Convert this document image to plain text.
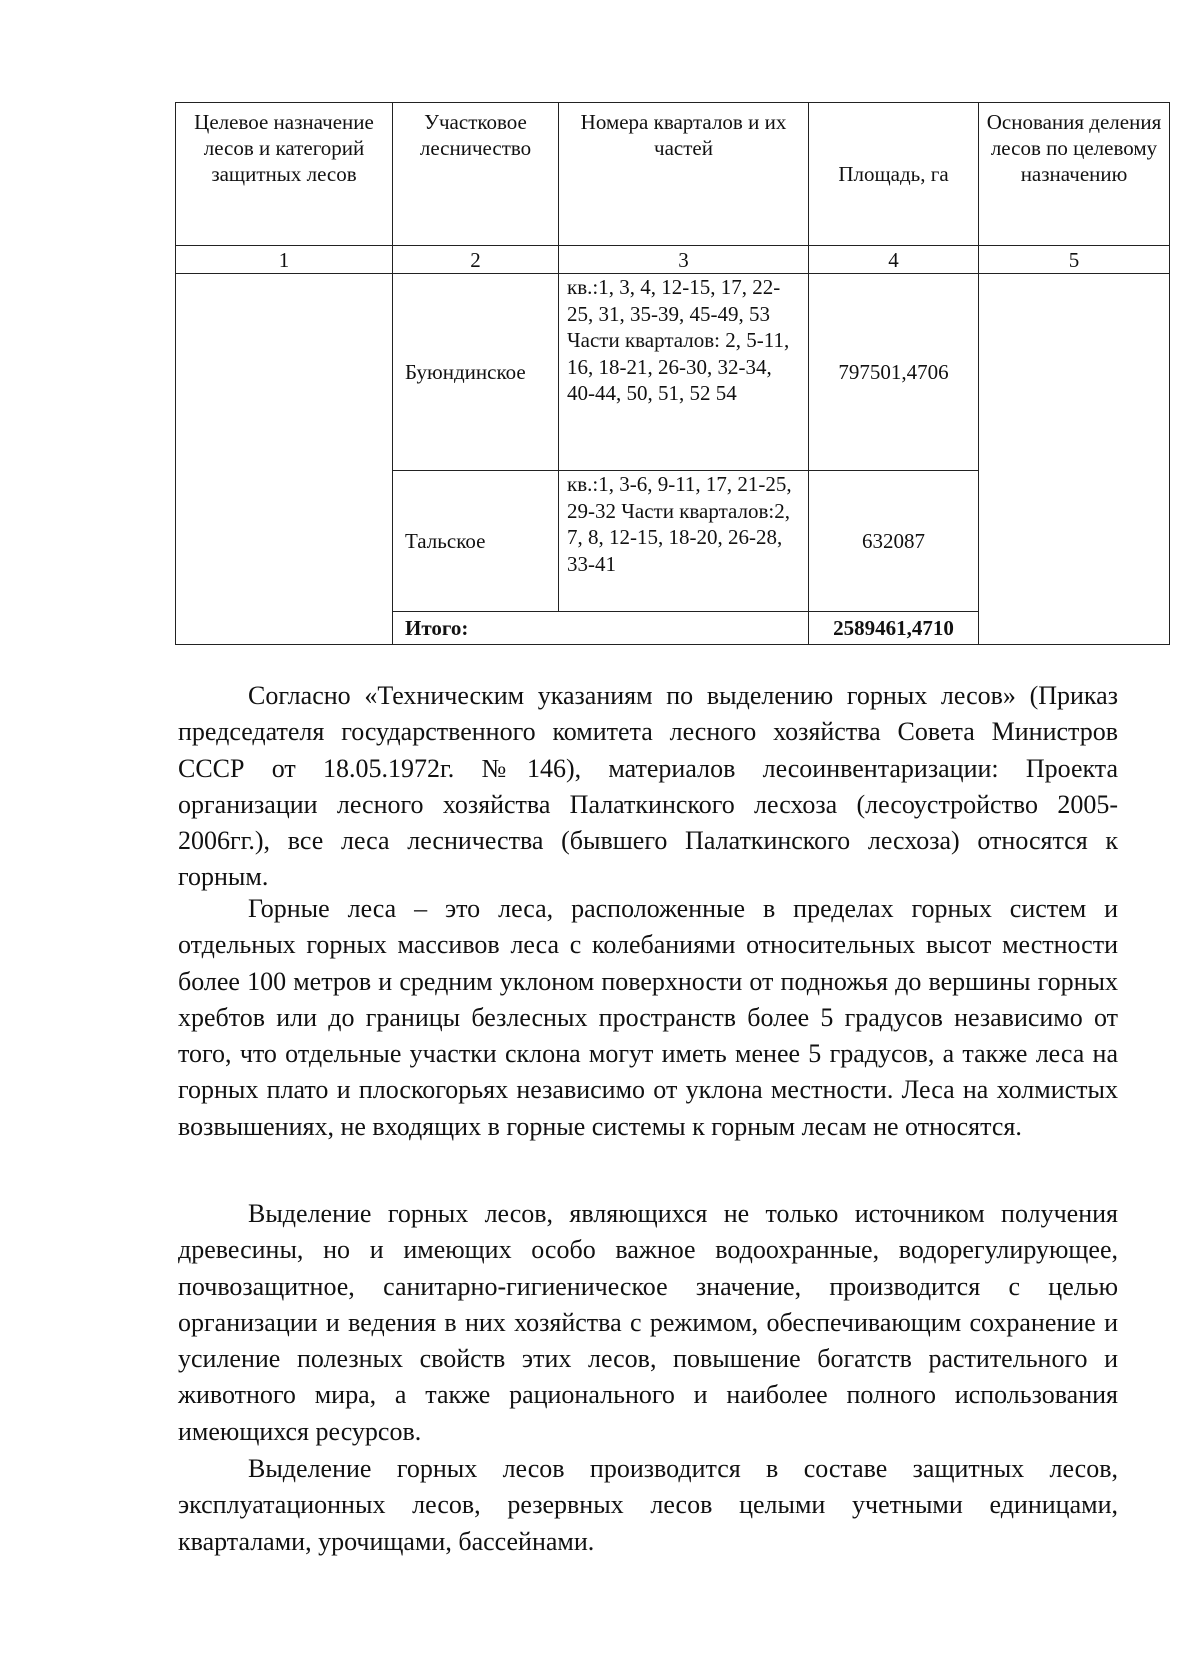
Целевое назначение лесов и категорий защитных лесов	Участковое лесничество	Номера кварталов и их частей	Площадь, га	Основания деления лесов по целевому назначению
1	2	3	4	5
	Буюндинское	кв.:1, 3, 4, 12-15, 17, 22-25, 31, 35-39, 45-49, 53 Части кварталов: 2, 5-11, 16, 18-21, 26-30, 32-34, 40-44, 50, 51, 52 54	797501,4706	
	Тальское	кв.:1, 3-6, 9-11, 17, 21-25, 29-32 Части кварталов:2, 7, 8, 12-15, 18-20, 26-28, 33-41	632087	
	Итого:		2589461,4710	

Согласно «Техническим указаниям по выделению горных лесов» (Приказ председателя государственного комитета лесного хозяйства Совета Министров СССР от 18.05.1972г. №146), материалов лесоинвентаризации: Проекта организации лесного хозяйства Палаткинского лесхоза (лесоустройство 2005-2006гг.), все леса лесничества (бывшего Палаткинского лесхоза) относятся к горным.

Горные леса – это леса, расположенные в пределах горных систем и отдельных горных массивов леса с колебаниями относительных высот местности более 100 метров и средним уклоном поверхности от подножья до вершины горных хребтов или до границы безлесных пространств более 5 градусов независимо от того, что отдельные участки склона могут иметь менее 5 градусов, а также леса на горных плато и плоскогорьях независимо от уклона местности. Леса на холмистых возвышениях, не входящих в горные системы к горным лесам не относятся.

Выделение горных лесов, являющихся не только источником получения древесины, но и имеющих особо важное водоохранные, водорегулирующее, почвозащитное, санитарно-гигиеническое значение, производится с целью организации и ведения в них хозяйства с режимом, обеспечивающим сохранение и усиление полезных свойств этих лесов, повышение богатств растительного и животного мира, а также рационального и наиболее полного использования имеющихся ресурсов.

Выделение горных лесов производится в составе защитных лесов, эксплуатационных лесов, резервных лесов целыми учетными единицами, кварталами, урочищами, бассейнами.
